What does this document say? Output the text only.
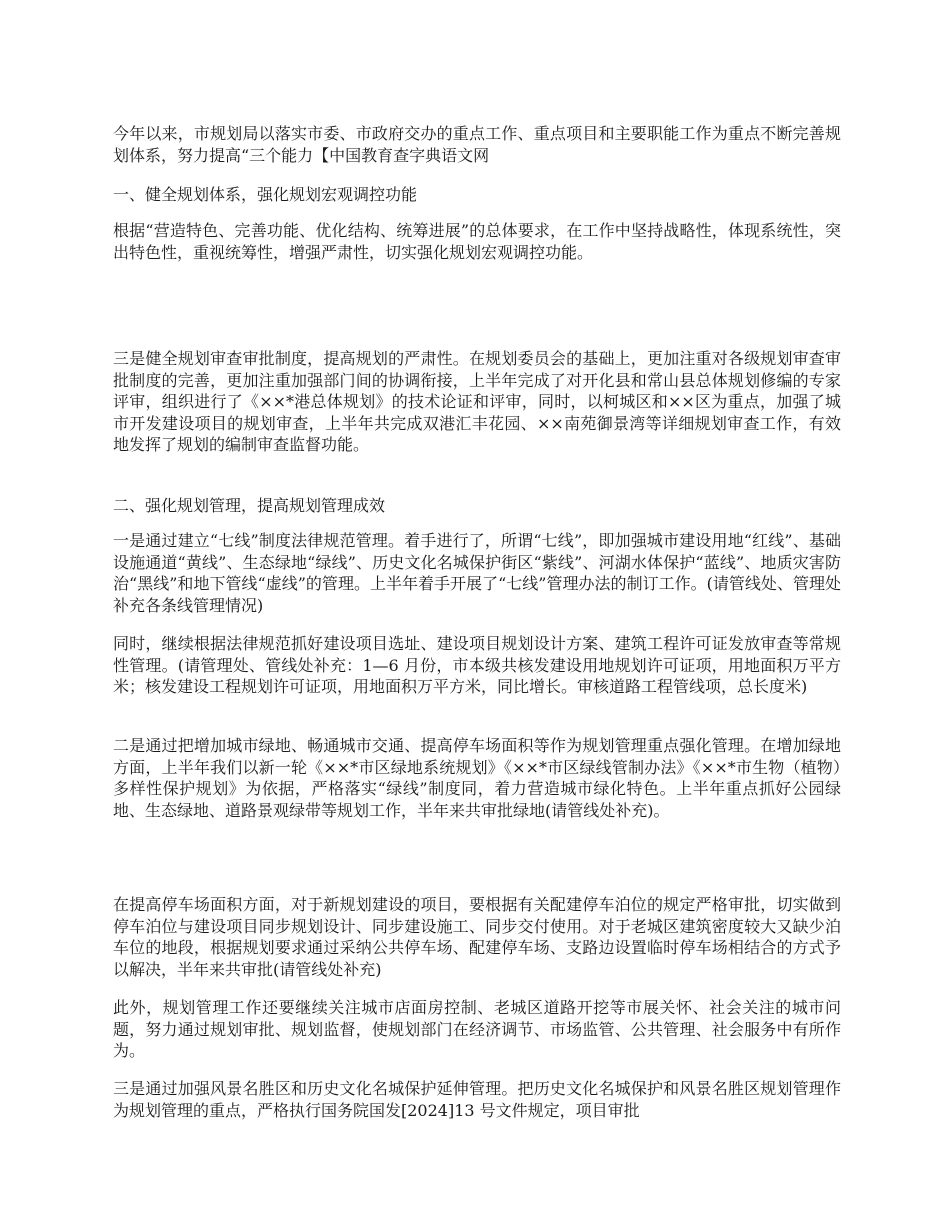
今年以来，市规划局以落实市委、市政府交办的重点工作、重点项目和主要职能工作为重点不断完善规划体系，努力提高“三个能力【中国教育查字典语文网

一、健全规划体系，强化规划宏观调控功能

根据“营造特色、完善功能、优化结构、统筹进展”的总体要求，在工作中坚持战略性，体现系统性，突出特色性，重视统筹性，增强严肃性，切实强化规划宏观调控功能。

三是健全规划审查审批制度，提高规划的严肃性。在规划委员会的基础上，更加注重对各级规划审查审批制度的完善，更加注重加强部门间的协调衔接，上半年完成了对开化县和常山县总体规划修编的专家评审，组织进行了《××*港总体规划》的技术论证和评审，同时，以柯城区和××区为重点，加强了城市开发建设项目的规划审查，上半年共完成双港汇丰花园、××南苑御景湾等详细规划审查工作，有效地发挥了规划的编制审查监督功能。

二、强化规划管理，提高规划管理成效

一是通过建立“七线”制度法律规范管理。着手进行了，所谓“七线”，即加强城市建设用地“红线”、基础设施通道“黄线”、生态绿地“绿线”、历史文化名城保护街区“紫线”、河湖水体保护“蓝线”、地质灾害防治“黑线”和地下管线“虚线”的管理。上半年着手开展了“七线”管理办法的制订工作。(请管线处、管理处补充各条线管理情况)

同时，继续根据法律规范抓好建设项目选址、建设项目规划设计方案、建筑工程许可证发放审查等常规性管理。(请管理处、管线处补充：1—6 月份，市本级共核发建设用地规划许可证项，用地面积万平方米；核发建设工程规划许可证项，用地面积万平方米，同比增长。审核道路工程管线项，总长度米)

二是通过把增加城市绿地、畅通城市交通、提高停车场面积等作为规划管理重点强化管理。在增加绿地方面，上半年我们以新一轮《××*市区绿地系统规划》《××*市区绿线管制办法》《××*市生物（植物）多样性保护规划》为依据，严格落实“绿线”制度同，着力营造城市绿化特色。上半年重点抓好公园绿地、生态绿地、道路景观绿带等规划工作，半年来共审批绿地(请管线处补充)。

在提高停车场面积方面，对于新规划建设的项目，要根据有关配建停车泊位的规定严格审批，切实做到停车泊位与建设项目同步规划设计、同步建设施工、同步交付使用。对于老城区建筑密度较大又缺少泊车位的地段，根据规划要求通过采纳公共停车场、配建停车场、支路边设置临时停车场相结合的方式予以解决，半年来共审批(请管线处补充)

此外，规划管理工作还要继续关注城市店面房控制、老城区道路开挖等市展关怀、社会关注的城市问题，努力通过规划审批、规划监督，使规划部门在经济调节、市场监管、公共管理、社会服务中有所作为。

三是通过加强风景名胜区和历史文化名城保护延伸管理。把历史文化名城保护和风景名胜区规划管理作为规划管理的重点，严格执行国务院国发[2024]13 号文件规定，项目审批
